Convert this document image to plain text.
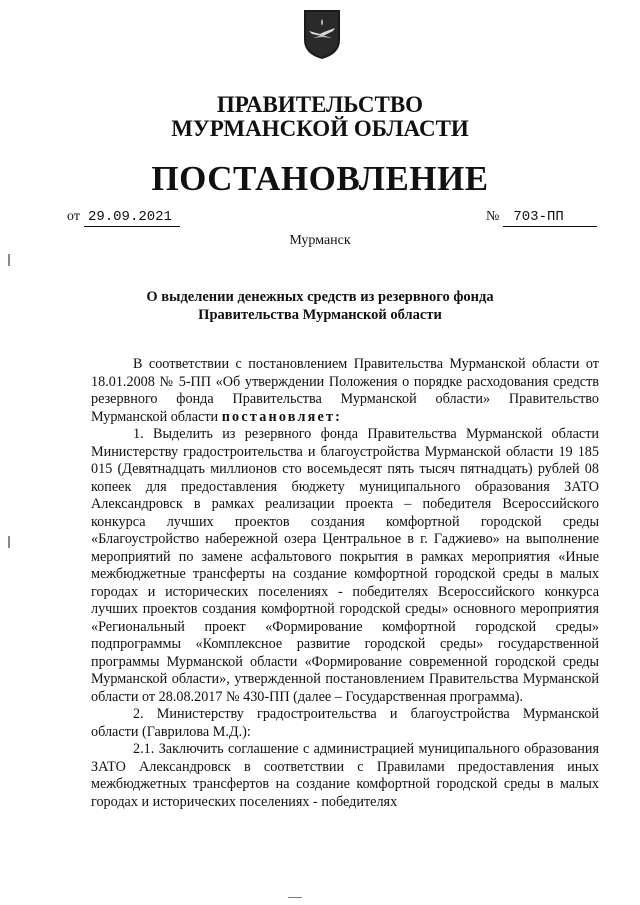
ПРАВИТЕЛЬСТВО
МУРМАНСКОЙ ОБЛАСТИ
ПОСТАНОВЛЕНИЕ
от 29.09.2021	№ 703-ПП
Мурманск
О выделении денежных средств из резервного фонда
Правительства Мурманской области

В соответствии с постановлением Правительства Мурманской области от 18.01.2008 № 5-ПП «Об утверждении Положения о порядке расходования средств резервного фонда Правительства Мурманской области» Правительство Мурманской области постановляет:

1. Выделить из резервного фонда Правительства Мурманской области Министерству градостроительства и благоустройства Мурманской области 19 185 015 (Девятнадцать миллионов сто восемьдесят пять тысяч пятнадцать) рублей 08 копеек для предоставления бюджету муниципального образования ЗАТО Александровск в рамках реализации проекта – победителя Всероссийского конкурса лучших проектов создания комфортной городской среды «Благоустройство набережной озера Центральное в г. Гаджиево» на выполнение мероприятий по замене асфальтового покрытия в рамках мероприятия «Иные межбюджетные трансферты на создание комфортной городской среды в малых городах и исторических поселениях - победителях Всероссийского конкурса лучших проектов создания комфортной городской среды» основного мероприятия «Региональный проект «Формирование комфортной городской среды» подпрограммы «Комплексное развитие городской среды» государственной программы Мурманской области «Формирование современной городской среды Мурманской области», утвержденной постановлением Правительства Мурманской области от 28.08.2017 № 430-ПП (далее – Государственная программа).

2. Министерству градостроительства и благоустройства Мурманской области (Гаврилова М.Д.):

2.1. Заключить соглашение с администрацией муниципального образования ЗАТО Александровск в соответствии с Правилами предоставления иных межбюджетных трансфертов на создание комфортной городской среды в малых городах и исторических поселениях - победителях
